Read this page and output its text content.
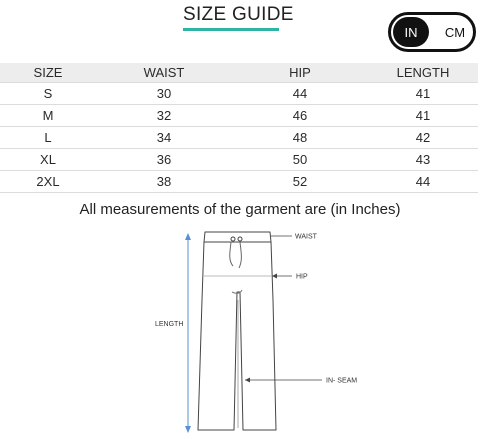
SIZE GUIDE
IN	CM
SIZE	WAIST	HIP	LENGTH
S	30	44	41
M	32	46	41
L	34	48	42
XL	36	50	43
2XL	38	52	44
All measurements of the garment are (in Inches)
WAIST
HIP
LENGTH
IN- SEAM
